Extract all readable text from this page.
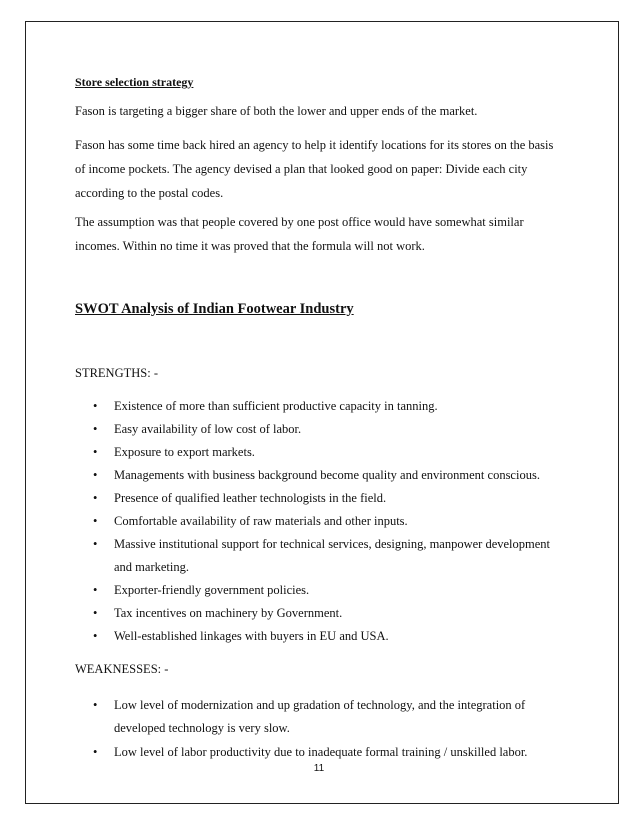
Store selection strategy
Fason is targeting a bigger share of both the lower and upper ends of the market.
Fason has some time back hired an agency to help it identify locations for its stores on the basis
of income pockets. The agency devised a plan that looked good on paper: Divide each city
according to the postal codes.
The assumption was that people covered by one post office would have somewhat similar
incomes. Within no time it was proved that the formula will not work.
SWOT Analysis of Indian Footwear Industry
STRENGTHS: -
• Existence of more than sufficient productive capacity in tanning.
• Easy availability of low cost of labor.
• Exposure to export markets.
• Managements with business background become quality and environment conscious.
• Presence of qualified leather technologists in the field.
• Comfortable availability of raw materials and other inputs.
• Massive institutional support for technical services, designing, manpower development
and marketing.
• Exporter-friendly government policies.
• Tax incentives on machinery by Government.
• Well-established linkages with buyers in EU and USA.
WEAKNESSES: -
• Low level of modernization and up gradation of technology, and the integration of
developed technology is very slow.
• Low level of labor productivity due to inadequate formal training / unskilled labor.
11
